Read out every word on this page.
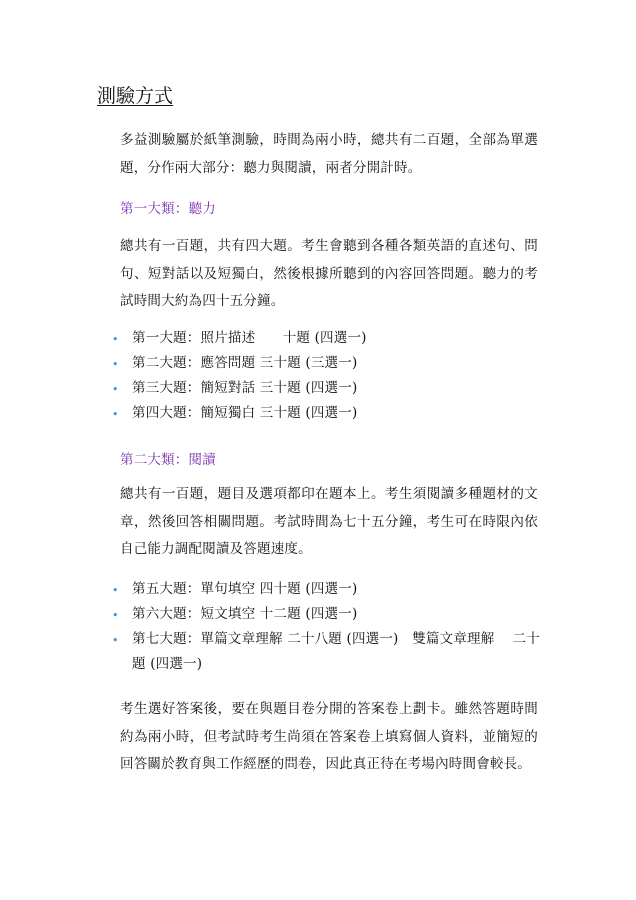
測驗方式

多益測驗屬於紙筆測驗，時間為兩小時，總共有二百題，全部為單選題，分作兩大部分：聽力與閱讀，兩者分開計時。

第一大類：聽力

總共有一百題，共有四大題。考生會聽到各種各類英語的直述句、問句、短對話以及短獨白，然後根據所聽到的內容回答問題。聽力的考試時間大約為四十五分鐘。

• 第一大題：照片描述　　十題 (四選一)
• 第二大題：應答問題 三十題 (三選一)
• 第三大題：簡短對話 三十題 (四選一)
• 第四大題：簡短獨白 三十題 (四選一)
第二大類：閱讀

總共有一百題，題目及選項都印在題本上。考生須閱讀多種題材的文章，然後回答相關問題。考試時間為七十五分鐘，考生可在時限內依自己能力調配閱讀及答題速度。

• 第五大題：單句填空 四十題 (四選一)
• 第六大題：短文填空 十二題 (四選一)
• 第七大題：單篇文章理解 二十八題 (四選一)　雙篇文章理解　 二十題 (四選一)

考生選好答案後，要在與題目卷分開的答案卷上劃卡。雖然答題時間約為兩小時，但考試時考生尚須在答案卷上填寫個人資料，並簡短的回答關於教育與工作經歷的問卷，因此真正待在考場內時間會較長。
